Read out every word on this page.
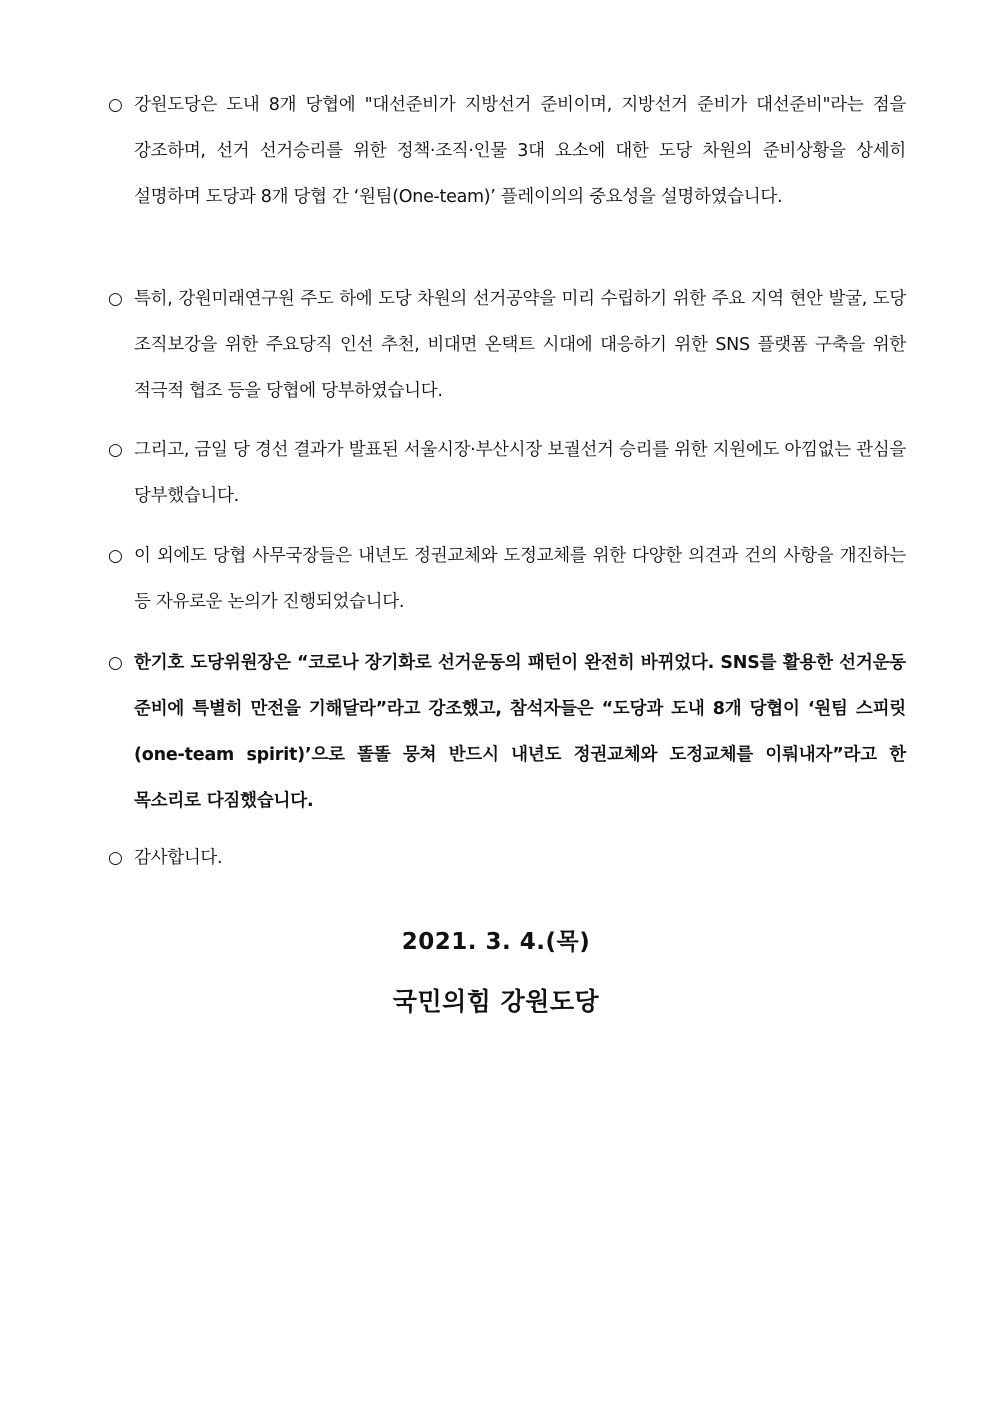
○ 강원도당은 도내 8개 당협에 "대선준비가 지방선거 준비이며, 지방선거 준비가 대선준비"라는 점을 강조하며, 선거 선거승리를 위한 정책·조직·인물 3대 요소에 대한 도당 차원의 준비상황을 상세히 설명하며 도당과 8개 당협 간 ‘원팀(One-team)’ 플레이의의 중요성을 설명하였습니다.
○ 특히, 강원미래연구원 주도 하에 도당 차원의 선거공약을 미리 수립하기 위한 주요 지역 현안 발굴, 도당 조직보강을 위한 주요당직 인선 추천, 비대면 온택트 시대에 대응하기 위한 SNS 플랫폼 구축을 위한 적극적 협조 등을 당협에 당부하였습니다.
○ 그리고, 금일 당 경선 결과가 발표된 서울시장·부산시장 보궐선거 승리를 위한 지원에도 아낌없는 관심을 당부했습니다.
○ 이 외에도 당협 사무국장들은 내년도 정권교체와 도정교체를 위한 다양한 의견과 건의 사항을 개진하는 등 자유로운 논의가 진행되었습니다.
○ 한기호 도당위원장은 “코로나 장기화로 선거운동의 패턴이 완전히 바뀌었다. SNS를 활용한 선거운동 준비에 특별히 만전을 기해달라”라고 강조했고, 참석자들은 “도당과 도내 8개 당협이 ‘원팀 스피릿(one-team spirit)’으로 똘똘 뭉쳐 반드시 내년도 정권교체와 도정교체를 이뤄내자”라고 한 목소리로 다짐했습니다.
○ 감사합니다.
2021. 3. 4.(목)
국민의힘 강원도당
